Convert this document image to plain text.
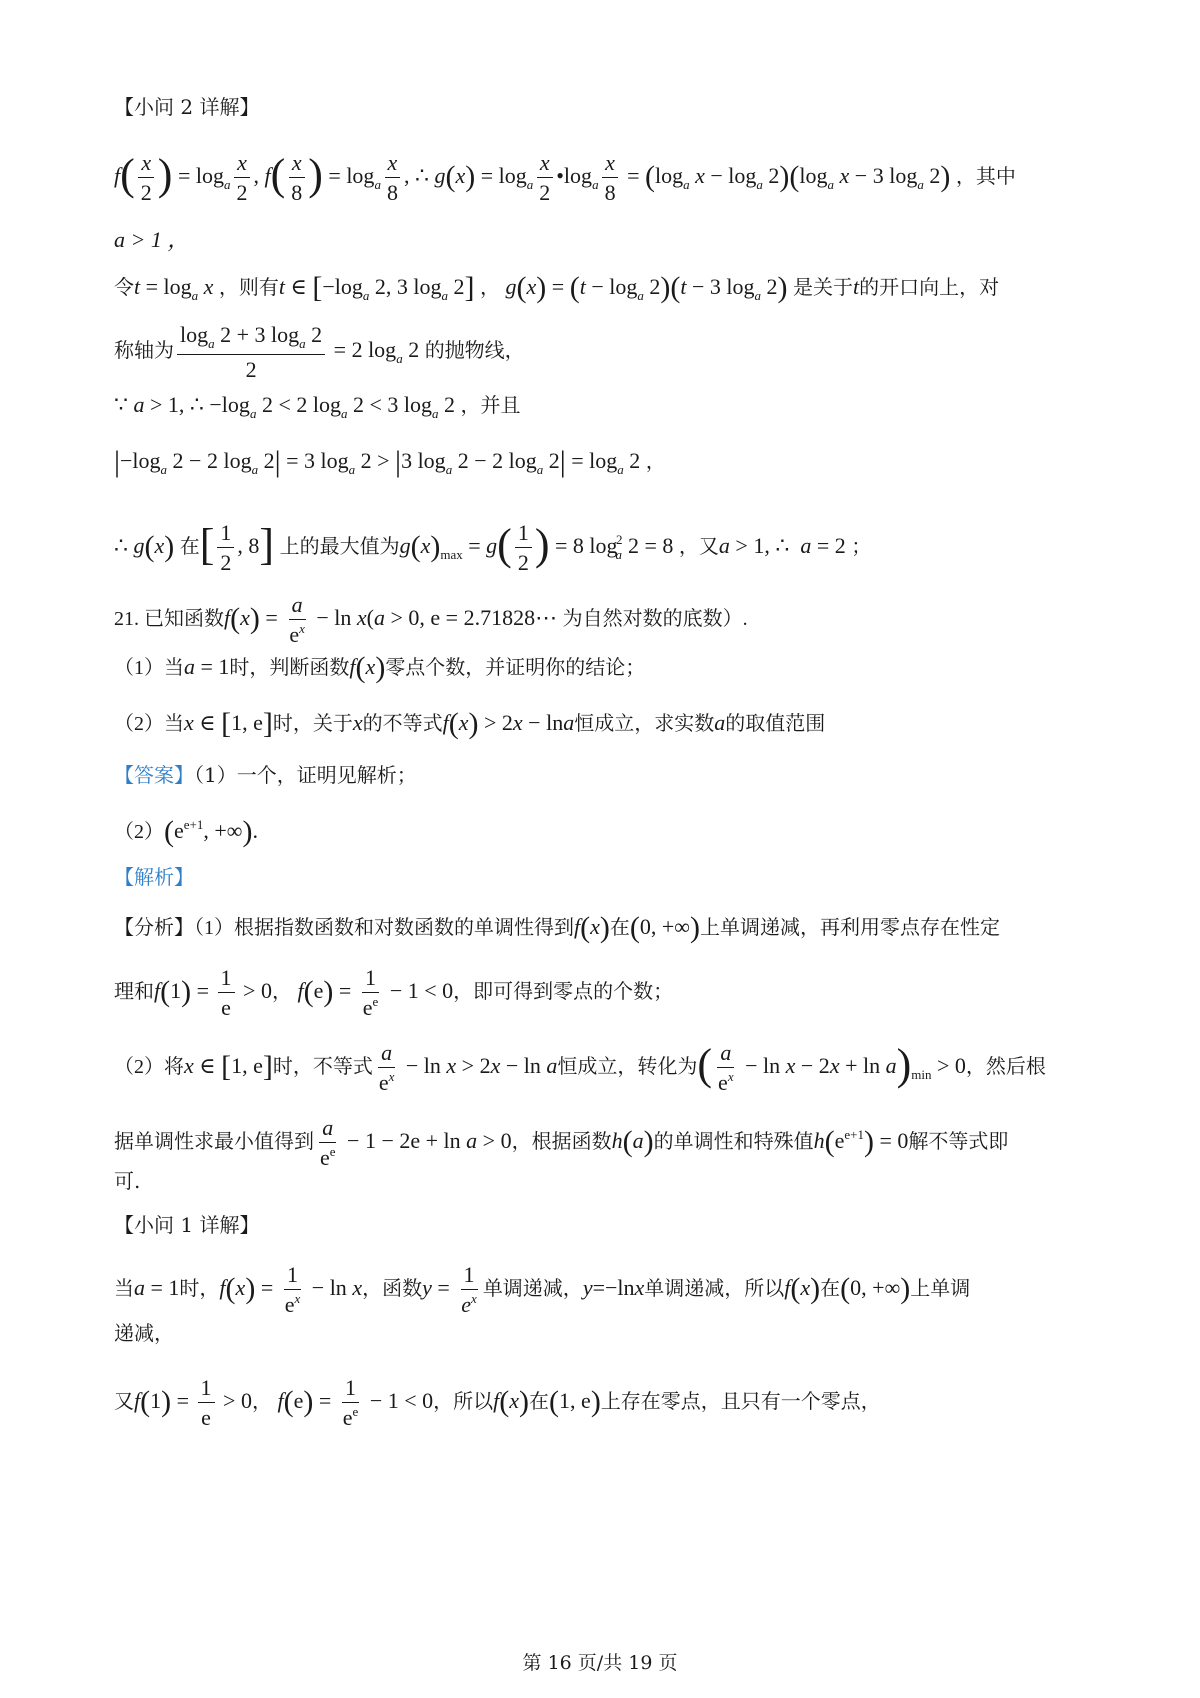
【小问 2 详解】
$f( \frac{x}{2}$ ) = $\log_a \frac{x}{2}$ , $f( \frac{x}{8}$ ) = $\log_a \frac{x}{8}$ , ∴ $g(x) = \log_a \frac{x}{2}$ $•\log_a \frac{x}{8} = (\log_a$ $x - \log_a 2)(\log_a$ x − 3 $\log_a 2$) ，其中
a > 1 ，
令$t = \log_a x$ ，则有t ∈ [$-\log_a$ 2, 3 $\log_a 2$] ， $g(x) = (t - \log_a 2)(t - 3$ $\log_a 2$) 是关于t的开口向上，对
称轴为 $\frac{\log_a 2 + 3 \log_a 2}{2} = 2$ $\log_a 2$ 的抛物线，
∵ a > 1, ∴ $-\log_a$ 2 < 2 $\log_a 2 < 3$ $\log_a 2$ ，并且
$|-\log_a$ 2 − 2 $\log_a 2| = 3$ $\log_a 2 > |3$ $\log_a 2 - 2$ $\log_a 2| = \log_a 2$ ，
∴ g(x) 在[ $\frac{1}{2}$ , 8] 上的最大值为$g(x)_{max} = g( \frac{1}{2}$ ) = 8 $\log_a^2 2 = 8$ ，又a > 1, ∴  a = 2 ；
21. 已知函数$f(x) = \frac{a}{e^x} - \ln x(a > 0$, e = 2.71828⋯ 为自然对数的底数）.
（1）当a = 1时，判断函数f(x)零点个数，并证明你的结论；
（2）当x ∈ [1, e]时，关于x的不等式f(x) > 2x − lna恒成立，求实数a的取值范围
【答案】（1）一个，证明见解析；
$(2)(e^{e+1}$, +∞).
【解析】
【分析】（1）根据指数函数和对数函数的单调性得到f(x)在(0, +∞)上单调递减，再利用零点存在性定
理和$f(1) = \frac{1}{e} > 0$， $f(e) = \frac{1}{e^e} - 1 < 0$，即可得到零点的个数；
（2）将x ∈ [1, e]时，不等式 $\frac{a}{e^x} - \ln x > 2x - \ln a$恒成立，转化为( $\frac{a}{e^x} - \ln x - 2x + \ln a)_{min} > 0$，然后根
据单调性求最小值得到 $\frac{a}{e^e} - 1 - 2e + \ln a > 0$，根据函数h(a)的单调性和特殊值$h(e^{e+1}) = 0$解不等式即
可.
【小问 1 详解】
当a = 1时，$f(x) = \frac{1}{e^x} - \ln x$，函数$y = \frac{1}{e^x}$ 单调递减，y=−lnx单调递减，所以f(x)在(0, +∞)上单调
递减，
又$f(1) = \frac{1}{e} > 0$， $f(e) = \frac{1}{e^e} - 1 < 0$，所以f(x)在(1, e)上存在零点，且只有一个零点，
第 16 页/共 19 页
